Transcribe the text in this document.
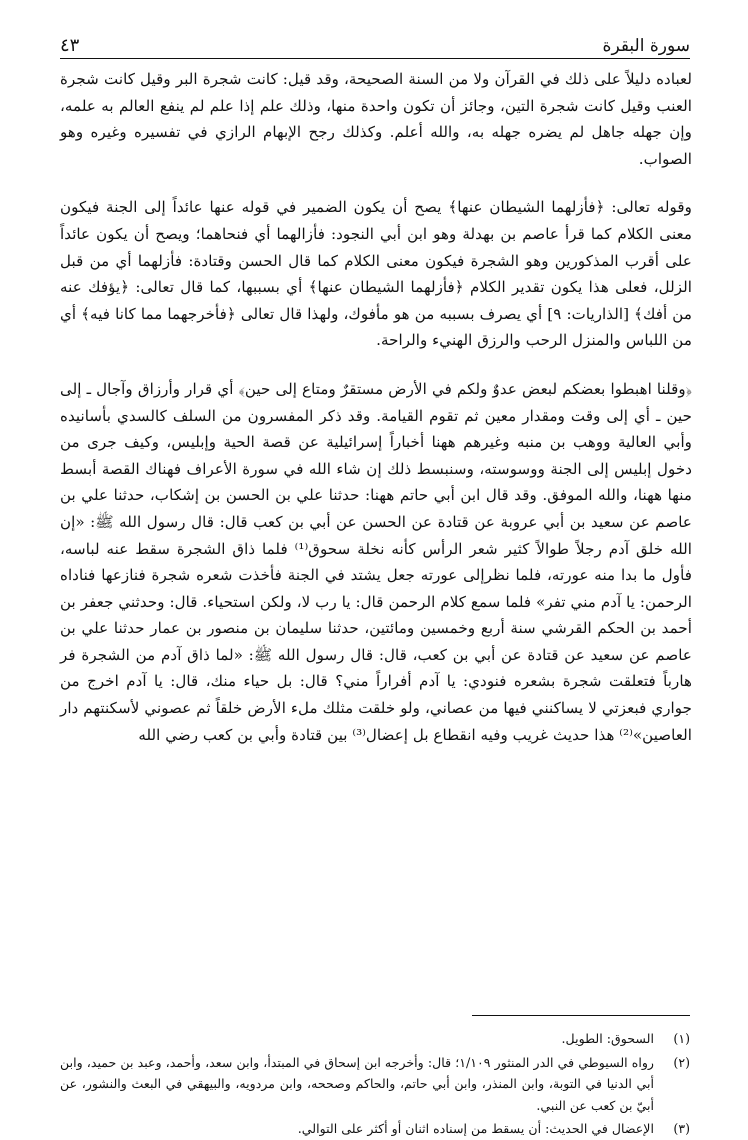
سورة البقرة
٤٣

لعباده دليلاً على ذلك في القرآن ولا من السنة الصحيحة، وقد قيل: كانت شجرة البر وقيل كانت شجرة العنب وقيل كانت شجرة التين، وجائز أن تكون واحدة منها، وذلك علم إذا علم لم ينفع العالم به علمه، وإن جهله جاهل لم يضره جهله به، والله أعلم. وكذلك رجح الإبهام الرازي في تفسيره وغيره وهو الصواب.

وقوله تعالى: ﴿فأزلهما الشيطان عنها﴾ يصح أن يكون الضمير في قوله عنها عائداً إلى الجنة فيكون معنى الكلام كما قرأ عاصم بن بهدلة وهو ابن أبي النجود: فأزالهما أي فنحاهما؛ ويصح أن يكون عائداً على أقرب المذكورين وهو الشجرة فيكون معنى الكلام كما قال الحسن وقتادة: فأزلهما أي من قبل الزلل، فعلى هذا يكون تقدير الكلام ﴿فأزلهما الشيطان عنها﴾ أي بسببها، كما قال تعالى: ﴿يؤفك عنه من أفك﴾ [الذاريات: ٩] أي يصرف بسببه من هو مأفوك، ولهذا قال تعالى ﴿فأخرجهما مما كانا فيه﴾ أي من اللباس والمنزل الرحب والرزق الهنيء والراحة.

﴿وقلنا اهبطوا بعضكم لبعض عدوٌ ولكم في الأرض مستقرٌ ومتاع إلى حين﴾ أي قرار وأرزاق وآجال ـ إلى حين ـ أي إلى وقت ومقدار معين ثم تقوم القيامة. وقد ذكر المفسرون من السلف كالسدي بأسانيده وأبي العالية ووهب بن منبه وغيرهم ههنا أخباراً إسرائيلية عن قصة الحية وإبليس، وكيف جرى من دخول إبليس إلى الجنة ووسوسته، وسنبسط ذلك إن شاء الله في سورة الأعراف فهناك القصة أبسط منها ههنا، والله الموفق. وقد قال ابن أبي حاتم ههنا: حدثنا علي بن الحسن بن إشكاب، حدثنا علي بن عاصم عن سعيد بن أبي عروبة عن قتادة عن الحسن عن أبي بن كعب قال: قال رسول الله ﷺ: «إن الله خلق آدم رجلاً طوالاً كثير شعر الرأس كأنه نخلة سحوق⁽¹⁾ فلما ذاق الشجرة سقط عنه لباسه، فأول ما بدا منه عورته، فلما نظرإلى عورته جعل يشتد في الجنة فأخذت شعره شجرة فنازعها فناداه الرحمن: يا آدم مني تفر» فلما سمع كلام الرحمن قال: يا رب لا، ولكن استحياء. قال: وحدثني جعفر بن أحمد بن الحكم القرشي سنة أربع وخمسين ومائتين، حدثنا سليمان بن منصور بن عمار حدثنا علي بن عاصم عن سعيد عن قتادة عن أبي بن كعب، قال: قال رسول الله ﷺ: «لما ذاق آدم من الشجرة فر هارباً فتعلقت شجرة بشعره فنودي: يا آدم أفراراً مني؟ قال: بل حياء منك، قال: يا آدم اخرج من جواري فبعزتي لا يساكنني فيها من عصاني، ولو خلقت مثلك ملء الأرض خلقاً ثم عصوني لأسكنتهم دار العاصين»⁽²⁾ هذا حديث غريب وفيه انقطاع بل إعضال⁽³⁾ بين قتادة وأبي بن كعب رضي الله

(١)
السحوق: الطويل.
(٢)
رواه السيوطي في الدر المنثور ١/١٠٩؛ قال: وأخرجه ابن إسحاق في المبتدأ، وابن سعد، وأحمد، وعبد بن حميد، وابن أبي الدنيا في التوبة، وابن المنذر، وابن أبي حاتم، والحاكم وصححه، وابن مردويه، والبيهقي في البعث والنشور، عن أبيّ بن كعب عن النبي.
(٣)
الإعضال في الحديث: أن يسقط من إسناده اثنان أو أكثر على التوالي.
